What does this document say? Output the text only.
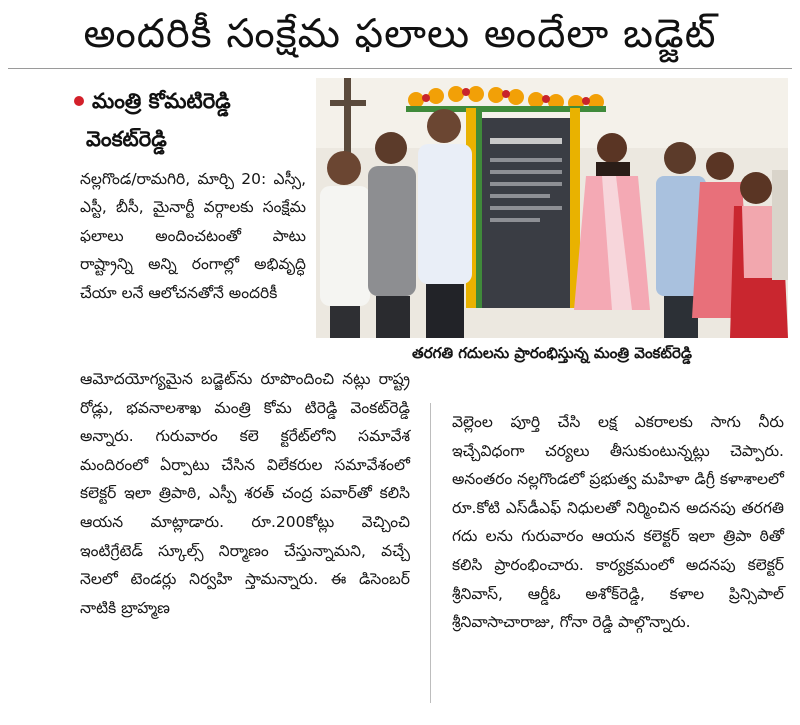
అందరికీ సంక్షేమ ఫలాలు అందేలా బడ్జెట్
మంత్రి కోమటిరెడ్డి
వెంకట్‌రెడ్డి

నల్లగొండ/రామగిరి, మార్చి 20: ఎస్సీ, ఎస్టీ, బీసీ, మైనార్టీ వర్గాలకు సంక్షేమ ఫలాలు అందించటంతో పాటు రాష్ట్రాన్ని అన్ని రంగాల్లో అభివృద్ధి చేయా లనే ఆలోచనతోనే అందరికీ

తరగతి గదులను ప్రారంభిస్తున్న మంత్రి వెంకట్‌రెడ్డి

ఆమోదయోగ్యమైన బడ్జెట్‌ను రూపొందించి నట్లు రాష్ట్ర రోడ్లు, భవనాలశాఖ మంత్రి కోమ టిరెడ్డి వెంకట్‌రెడ్డి అన్నారు. గురువారం కలె క్టరేట్‌లోని సమావేశ మందిరంలో ఏర్పాటు చేసిన విలేకరుల సమావేశంలో కలెక్టర్ ఇలా త్రిపాఠి, ఎస్పీ శరత్ చంద్ర పవార్‌తో కలిసి ఆయన మాట్లాడారు. రూ.200కోట్లు వెచ్చించి ఇంటిగ్రేటెడ్ స్కూల్స్ నిర్మాణం చేస్తున్నామని, వచ్చే నెలలో టెండర్లు నిర్వహి స్తామన్నారు. ఈ డిసెంబర్ నాటికి బ్రాహ్మణ

వెల్లెంల పూర్తి చేసి లక్ష ఎకరాలకు సాగు నీరు ఇచ్చేవిధంగా చర్యలు తీసుకుంటున్నట్లు చెప్పారు. అనంతరం నల్లగొండలో ప్రభుత్వ మహిళా డిగ్రీ కళాశాలలో రూ.కోటి ఎస్‌డీఎఫ్ నిధులతో నిర్మించిన అదనపు తరగతి గదు లను గురువారం ఆయన కలెక్టర్ ఇలా త్రిపా ఠితో కలిసి ప్రారంభించారు. కార్యక్రమంలో అదనపు కలెక్టర్ శ్రీనివాస్, ఆర్డీఓ అశోక్‌రెడ్డి, కళాల ప్రిన్సిపాల్ శ్రీనివాసాచారాజు, గోనా రెడ్డి పాల్గొన్నారు.
